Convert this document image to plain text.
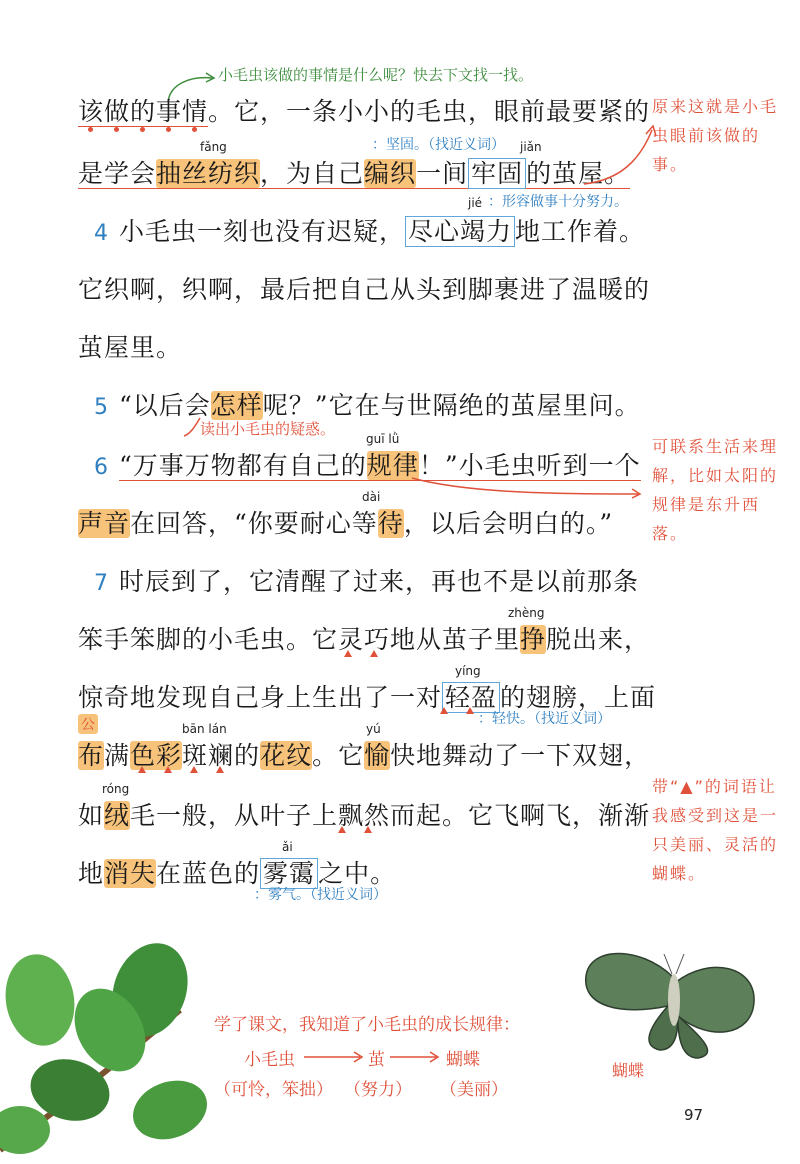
小毛虫该做的事情是什么呢？快去下文找一找。
该做的事情。它，一条小小的毛虫，眼前最要紧的
fǎng	jiǎn
：坚固。（找近义词）
是学会抽丝纺织，为自己编织一间 牢固 的茧屋。
原来这就是小毛虫眼前该做的事。
jié ：形容做事十分努力。
4 小毛虫一刻也没有迟疑， 尽心竭力 地工作着。
它织啊，织啊，最后把自己从头到脚裹进了温暖的
茧屋里。
5 “以后会怎样呢？”它在与世隔绝的茧屋里问。
读出小毛虫的疑惑。
guī lǜ
6 “万事万物都有自己的规律！”小毛虫听到一个
可联系生活来理解，比如太阳的规律是东升西落。
dài
声音在回答，“你要耐心等待，以后会明白的。”
7 时辰到了，它清醒了过来，再也不是以前那条
zhèng
笨手笨脚的小毛虫。它灵巧地从茧子里挣脱出来，
yíng
惊奇地发现自己身上生出了一对 轻盈 的翅膀，上面
：轻快。（找近义词）
公	bān lán	yú
布满色彩斑斓的花纹。它愉快地舞动了一下双翅，
róng
如绒毛一般，从叶子上飘然而起。它飞啊飞，渐渐
带“▲”的词语让我感受到这是一只美丽、灵活的蝴蝶。
ǎi
地消失在蓝色的 雾霭 之中。
：雾气。（找近义词）
学了课文，我知道了小毛虫的成长规律：
小毛虫	茧	蝴蝶
（可怜，笨拙） （努力） （美丽）
蝴蝶
97
